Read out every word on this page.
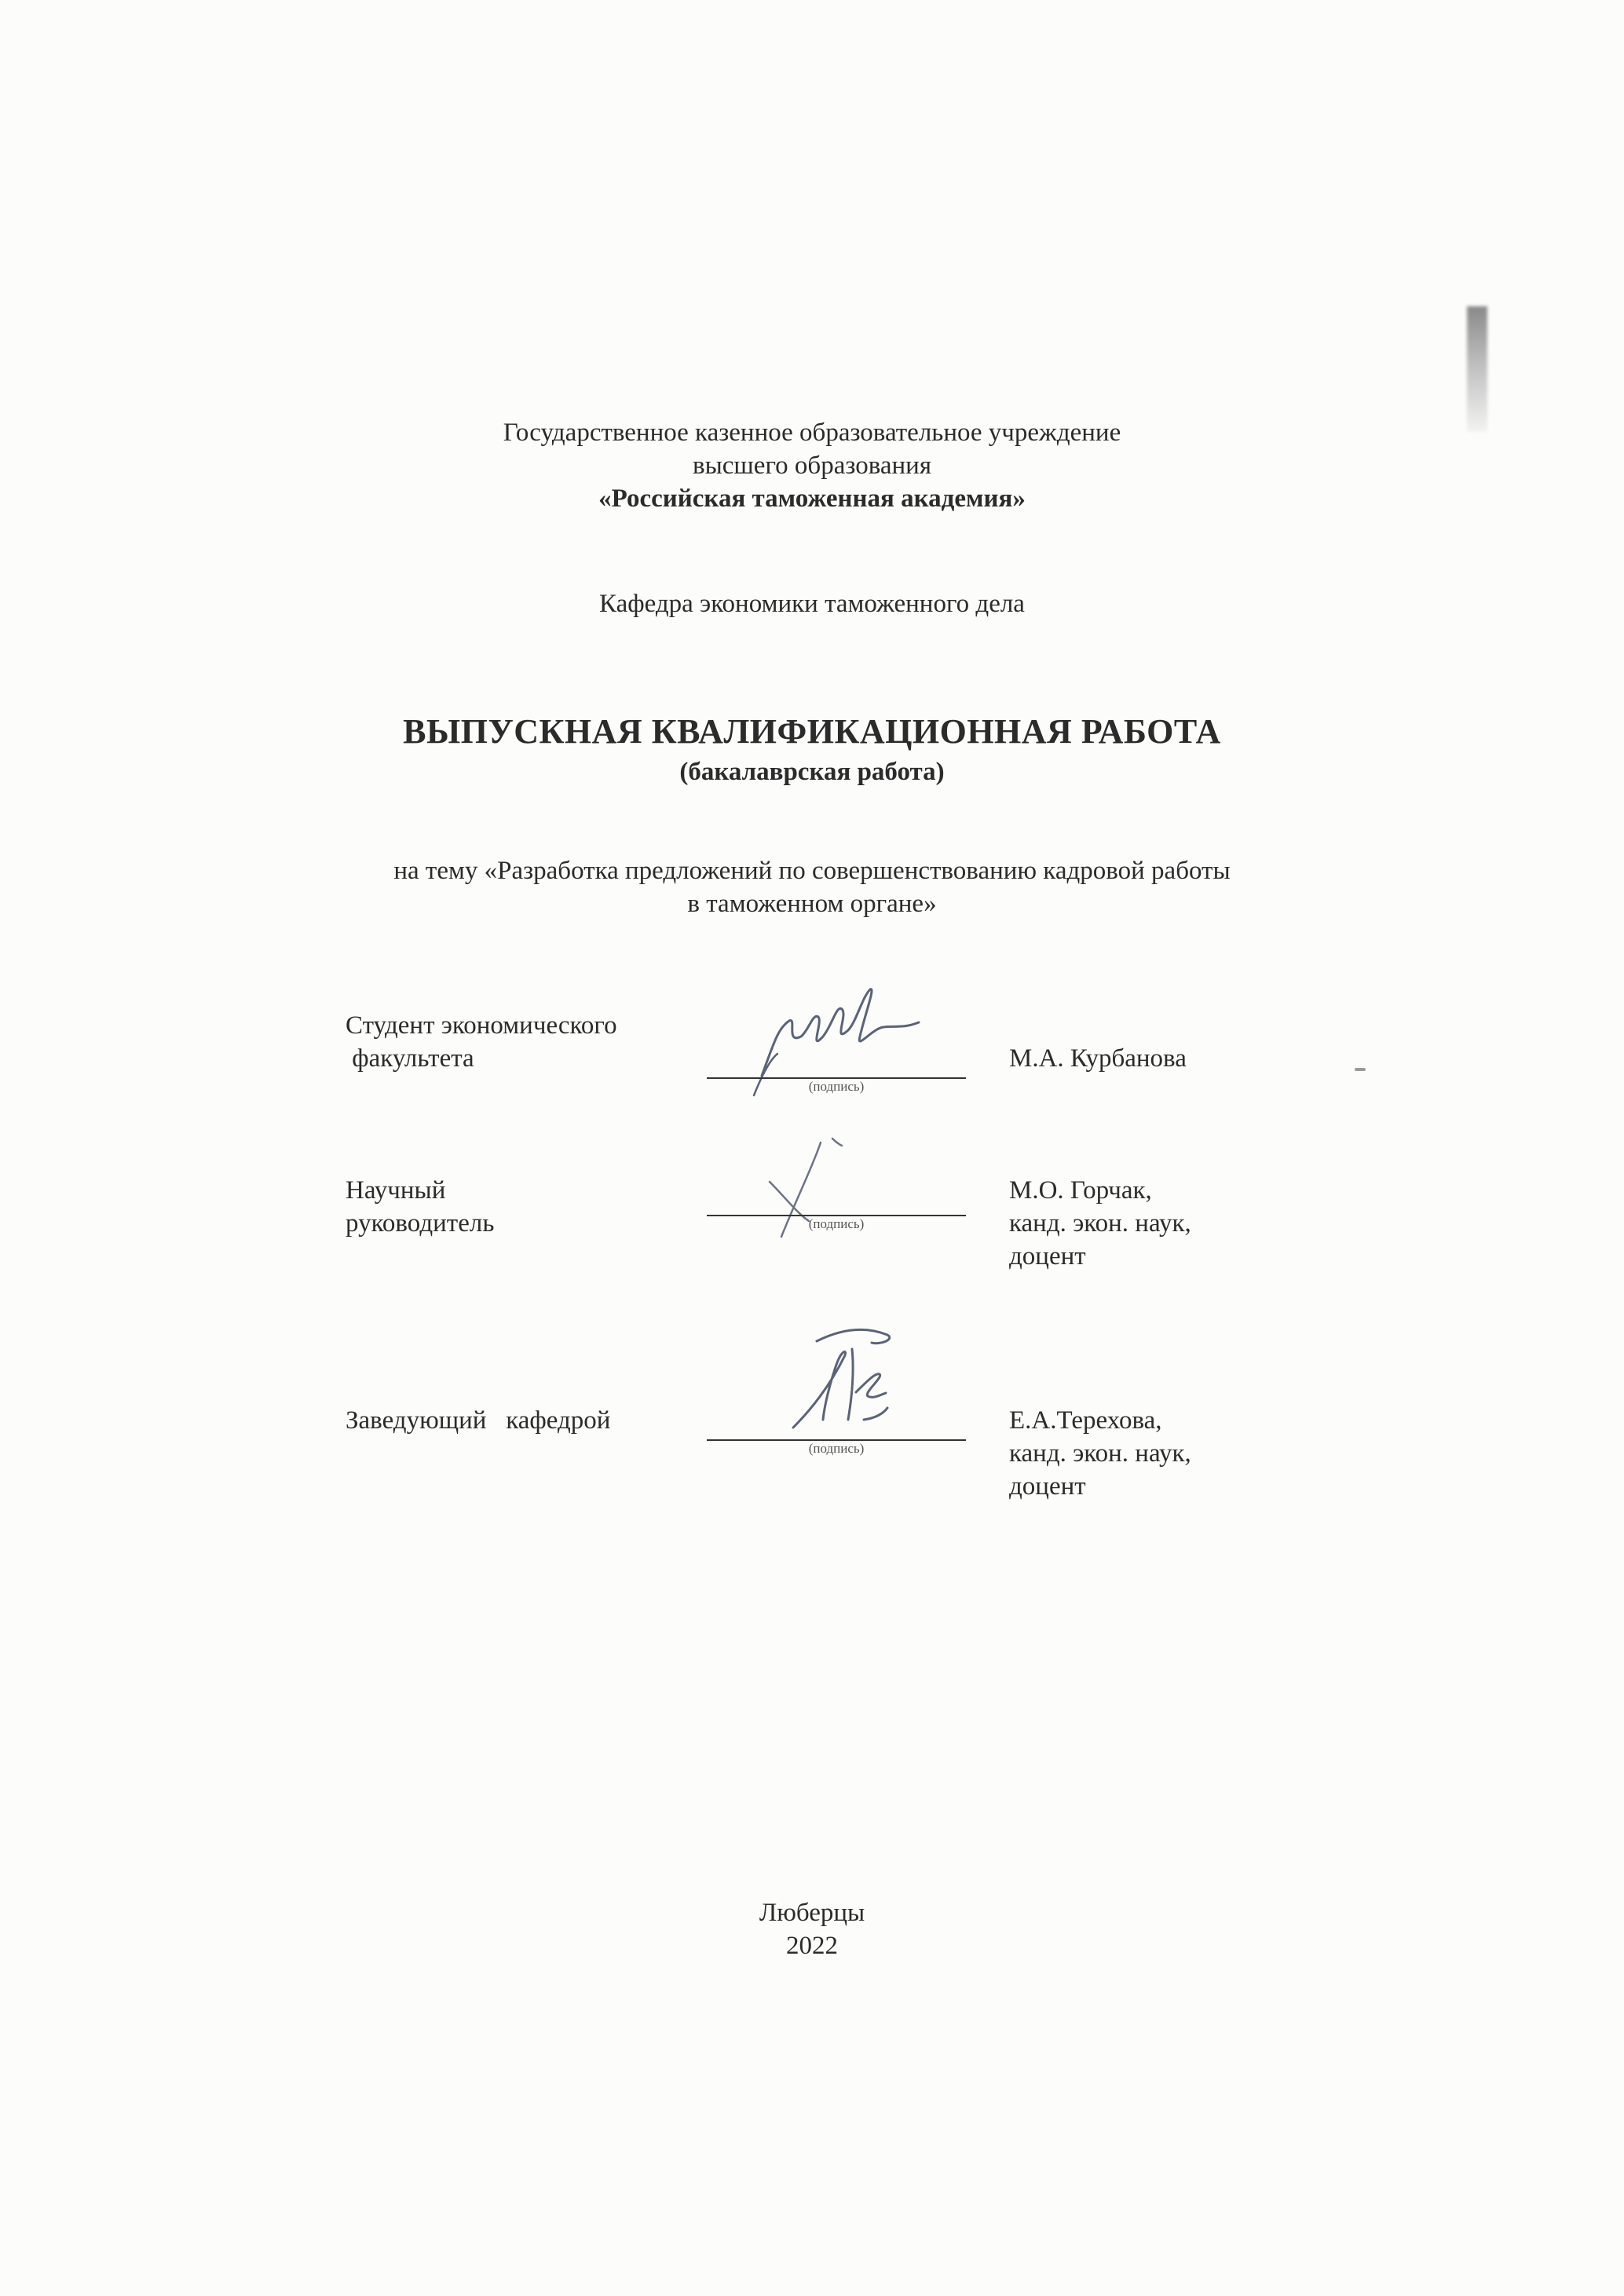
Государственное казенное образовательное учреждение
высшего образования
«Российская таможенная академия»
Кафедра экономики таможенного дела
ВЫПУСКНАЯ КВАЛИФИКАЦИОННАЯ РАБОТА
(бакалаврская работа)
на тему «Разработка предложений по совершенствованию кадровой работы
в таможенном органе»
Студент экономического
факультета
(подпись)
М.А. Курбанова
Научный
руководитель	(подпись)
М.О. Горчак,
канд. экон. наук,
доцент
Заведующий   кафедрой
(подпись)
Е.А.Терехова,
канд. экон. наук,
доцент
Люберцы
2022
